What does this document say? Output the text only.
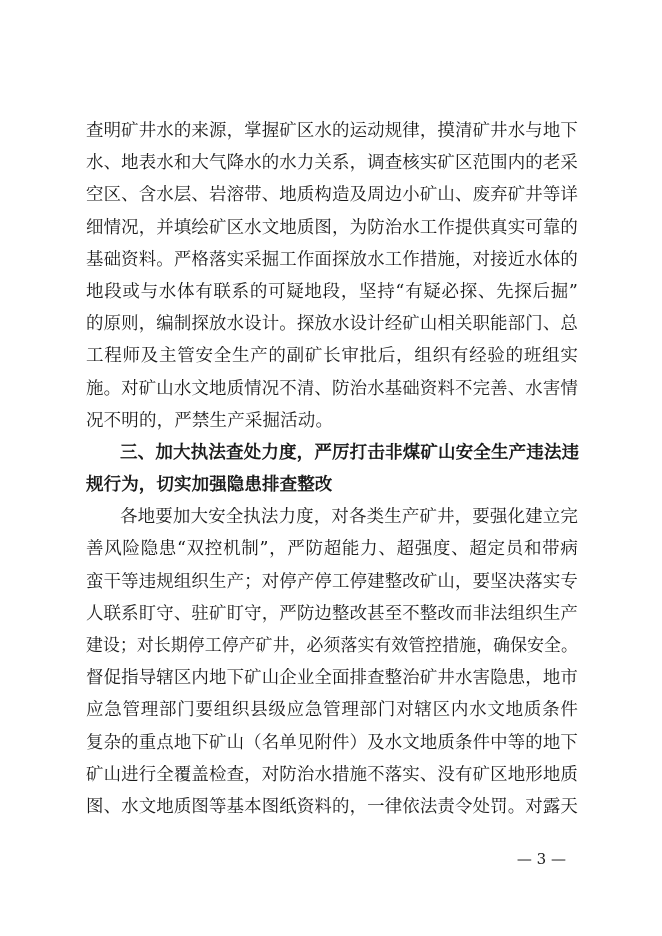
查明矿井水的来源，掌握矿区水的运动规律，摸清矿井水与地下
水、地表水和大气降水的水力关系，调查核实矿区范围内的老采
空区、含水层、岩溶带、地质构造及周边小矿山、废弃矿井等详
细情况，并填绘矿区水文地质图，为防治水工作提供真实可靠的
基础资料。严格落实采掘工作面探放水工作措施，对接近水体的
地段或与水体有联系的可疑地段，坚持“有疑必探、先探后掘”
的原则，编制探放水设计。探放水设计经矿山相关职能部门、总
工程师及主管安全生产的副矿长审批后，组织有经验的班组实
施。对矿山水文地质情况不清、防治水基础资料不完善、水害情
况不明的，严禁生产采掘活动。
三、加大执法查处力度，严厉打击非煤矿山安全生产违法违
规行为，切实加强隐患排查整改
各地要加大安全执法力度，对各类生产矿井，要强化建立完
善风险隐患“双控机制”，严防超能力、超强度、超定员和带病
蛮干等违规组织生产；对停产停工停建整改矿山，要坚决落实专
人联系盯守、驻矿盯守，严防边整改甚至不整改而非法组织生产
建设；对长期停工停产矿井，必须落实有效管控措施，确保安全。
督促指导辖区内地下矿山企业全面排查整治矿井水害隐患，地市
应急管理部门要组织县级应急管理部门对辖区内水文地质条件
复杂的重点地下矿山（名单见附件）及水文地质条件中等的地下
矿山进行全覆盖检查，对防治水措施不落实、没有矿区地形地质
图、水文地质图等基本图纸资料的，一律依法责令处罚。对露天
— 3 —
